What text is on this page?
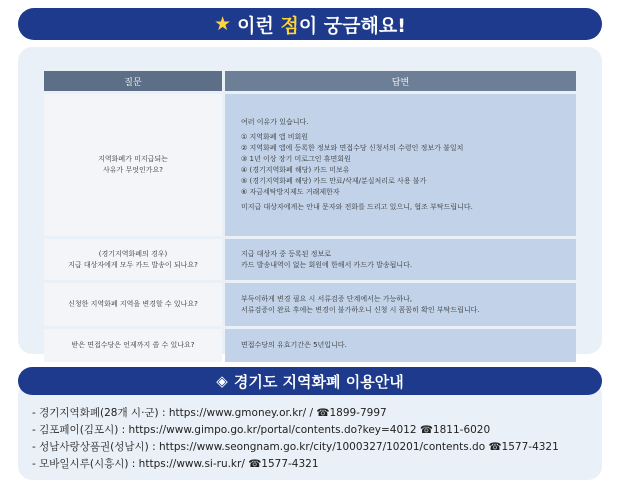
★ 이런 점이 궁금해요!
질문	답변
지역화폐가 미지급되는
사유가 무엇인가요?
여러 이유가 있습니다.
① 지역화폐 앱 비회원
② 지역화폐 앱에 등록한 정보와 면접수당 신청서의 수령인 정보가 불일치
③ 1년 이상 장기 미로그인 휴면회원
④ (경기지역화폐 해당) 카드 미보유
⑤ (경기지역화폐 해당) 카드 만료/삭제/분실처리로 사용 불가
⑥ 자금세탁방지제도 거래제한자
미지급 대상자에게는 안내 문자와 전화를 드리고 있으니, 협조 부탁드립니다.
(경기지역화폐의 경우)
지급 대상자에게 모두 카드 발송이 되나요?
지급 대상자 중 등록된 정보로
카드 발송내역이 없는 회원에 한해서 카드가 발송됩니다.
신청한 지역화폐 지역을 변경할 수 있나요?
부득이하게 변경 필요 시 서류검증 단계에서는 가능하나,
서류검증이 완료 후에는 변경이 불가하오니 신청 시 꼼꼼히 확인 부탁드립니다.
받은 면접수당은 언제까지 쓸 수 있나요?	면접수당의 유효기간은 5년입니다.
- 경기지역화폐(28개 시·군) : https://www.gmoney.or.kr/ / ☎1899-7997
- 김포페이(김포시) : https://www.gimpo.go.kr/portal/contents.do?key=4012 ☎1811-6020
- 성남사랑상품권(성남시) : https://www.seongnam.go.kr/city/1000327/10201/contents.do ☎1577-4321
- 모바일시루(시흥시) : https://www.si-ru.kr/ ☎1577-4321
◈ 경기도 지역화폐 이용안내
